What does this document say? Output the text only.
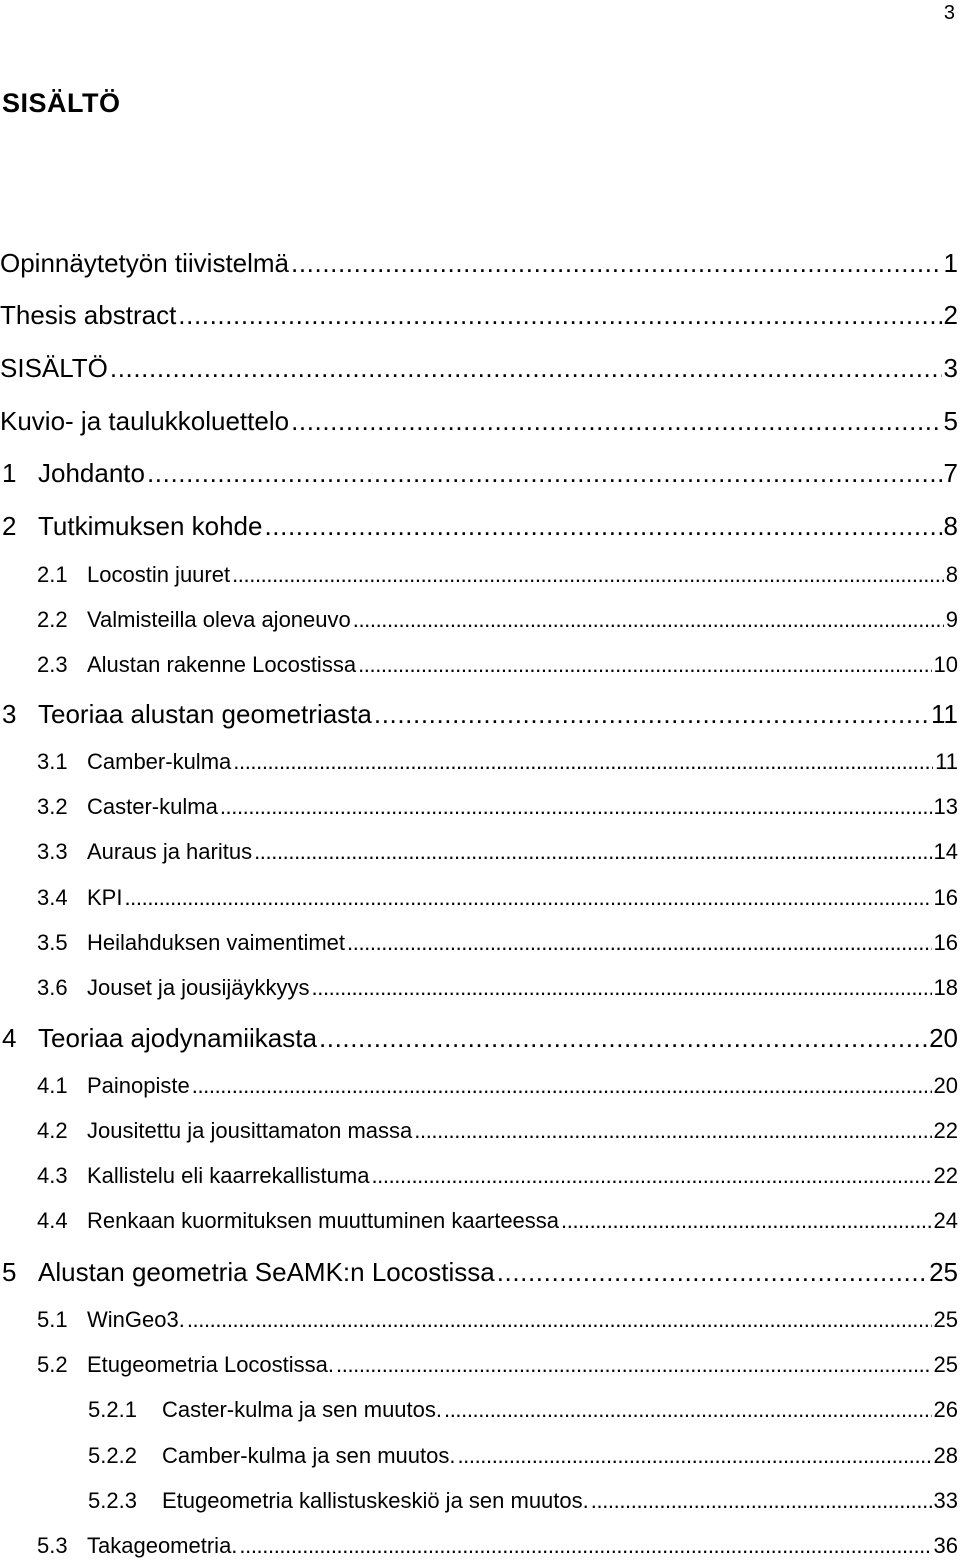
3
SISÄLTÖ
Opinnäytetyön tiivistelmä .....	1
Thesis abstract .....	2
SISÄLTÖ .....	3
Kuvio- ja taulukkoluettelo .....	5
1 Johdanto .....	7
2 Tutkimuksen kohde .....	8
2.1 Locostin juuret .....	8
2.2 Valmisteilla oleva ajoneuvo .....	9
2.3 Alustan rakenne Locostissa .....	10
3 Teoriaa alustan geometriasta .....	11
3.1 Camber-kulma .....	11
3.2 Caster-kulma .....	13
3.3 Auraus ja haritus .....	14
3.4 KPI .....	16
3.5 Heilahduksen vaimentimet .....	16
3.6 Jouset ja jousijäykkyys .....	18
4 Teoriaa ajodynamiikasta .....	20
4.1 Painopiste .....	20
4.2 Jousitettu ja jousittamaton massa .....	22
4.3 Kallistelu eli kaarrekallistuma .....	22
4.4 Renkaan kuormituksen muuttuminen kaarteessa .....	24
5 Alustan geometria SeAMK:n Locostissa .....	25
5.1 WinGeo3. .....	25
5.2 Etugeometria Locostissa. .....	25
5.2.1	Caster-kulma ja sen muutos. .....	26
5.2.2	Camber-kulma ja sen muutos. .....	28
5.2.3	Etugeometria kallistuskeskiö ja sen muutos. .....	33
5.3 Takageometria. .....	36
